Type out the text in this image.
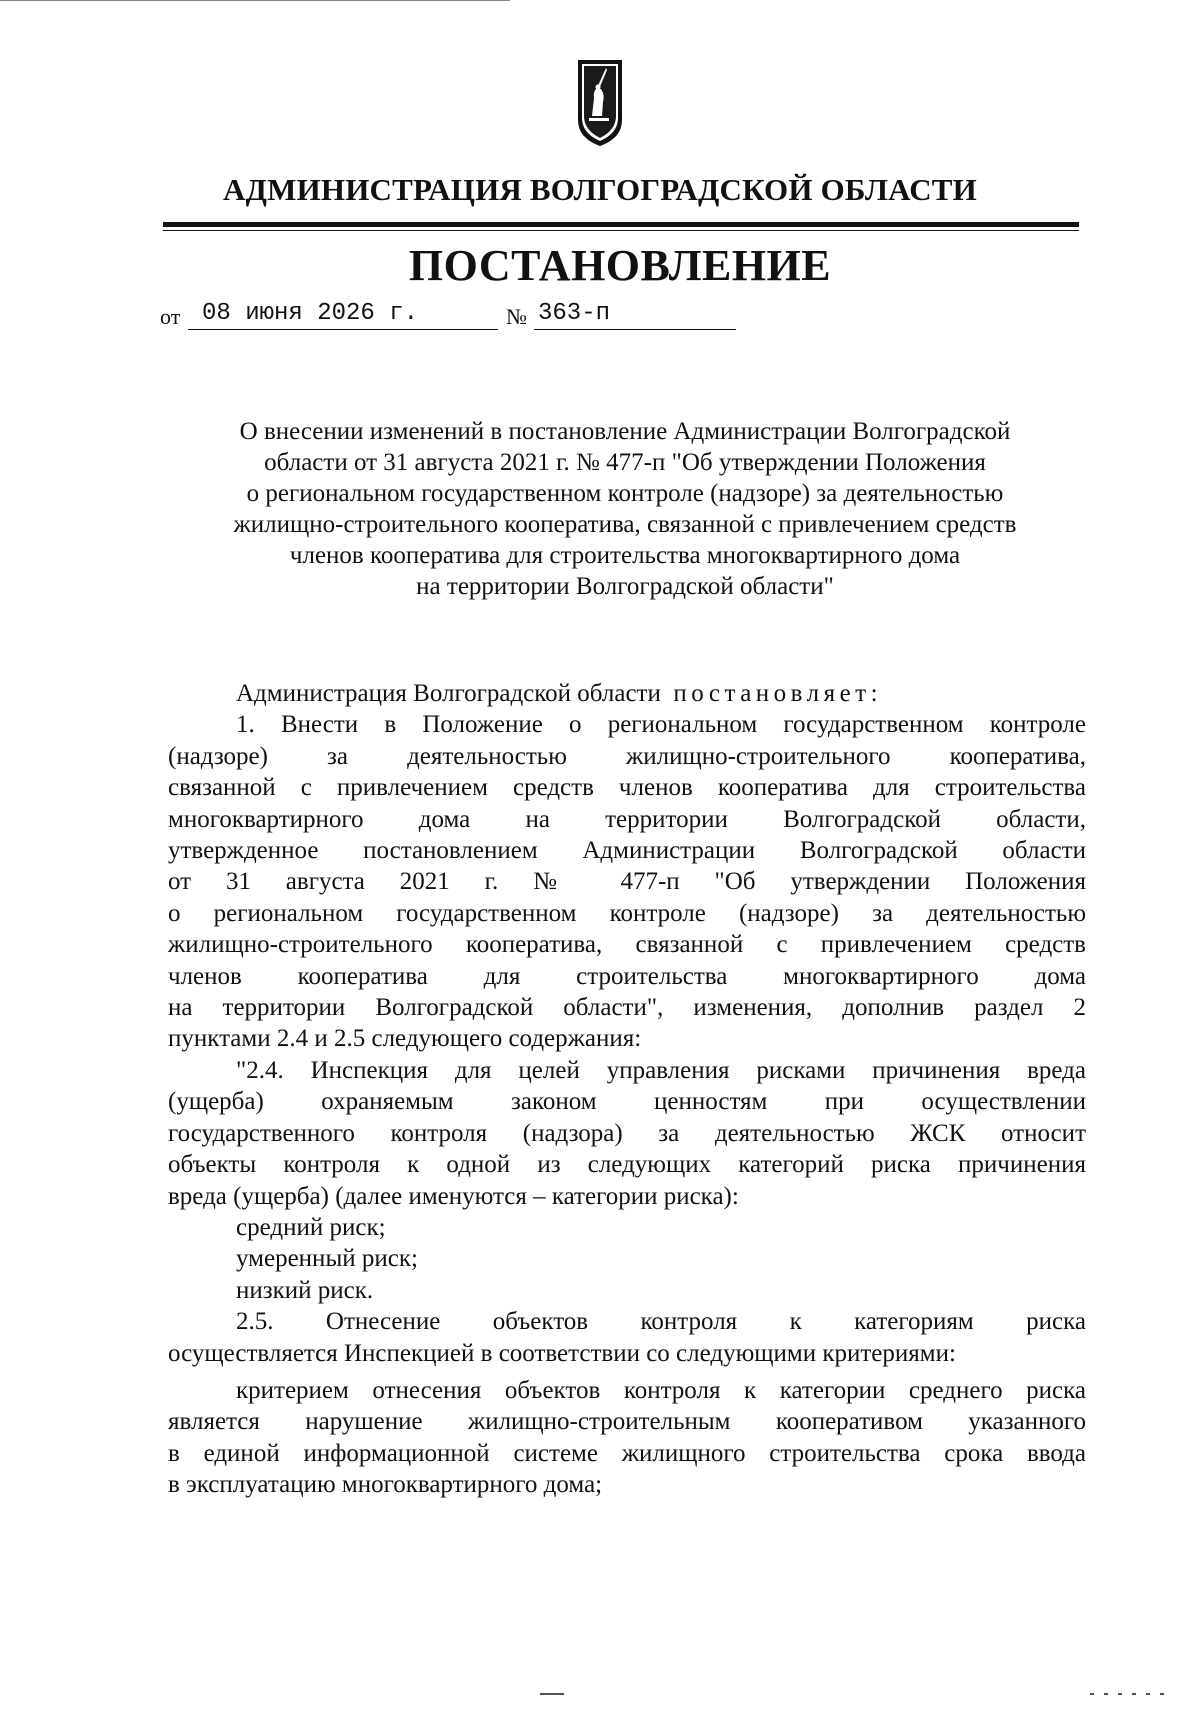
АДМИНИСТРАЦИЯ ВОЛГОГРАДСКОЙ ОБЛАСТИ
ПОСТАНОВЛЕНИЕ
от 08 июня 2026 г.	№ 363-п
О внесении изменений в постановление Администрации Волгоградской
области от 31 августа 2021 г. № 477-п "Об утверждении Положения
о региональном государственном контроле (надзоре) за деятельностью
жилищно-строительного кооператива, связанной с привлечением средств
членов кооператива для строительства многоквартирного дома
на территории Волгоградской области"
Администрация Волгоградской области постановляет:
1. Внести в Положение о региональном государственном контроле
(надзоре) за деятельностью жилищно-строительного кооператива,
связанной с привлечением средств членов кооператива для строительства
многоквартирного дома на территории Волгоградской области,
утвержденное постановлением Администрации Волгоградской области
от 31 августа 2021 г. № 477-п "Об утверждении Положения
о региональном государственном контроле (надзоре) за деятельностью
жилищно-строительного кооператива, связанной с привлечением средств
членов кооператива для строительства многоквартирного дома
на территории Волгоградской области", изменения, дополнив раздел 2
пунктами 2.4 и 2.5 следующего содержания:
"2.4. Инспекция для целей управления рисками причинения вреда
(ущерба) охраняемым законом ценностям при осуществлении
государственного контроля (надзора) за деятельностью ЖСК относит
объекты контроля к одной из следующих категорий риска причинения
вреда (ущерба) (далее именуются – категории риска):
средний риск;
умеренный риск;
низкий риск.
2.5. Отнесение объектов контроля к категориям риска
осуществляется Инспекцией в соответствии со следующими критериями:
критерием отнесения объектов контроля к категории среднего риска
является нарушение жилищно-строительным кооперативом указанного
в единой информационной системе жилищного строительства срока ввода
в эксплуатацию многоквартирного дома;
